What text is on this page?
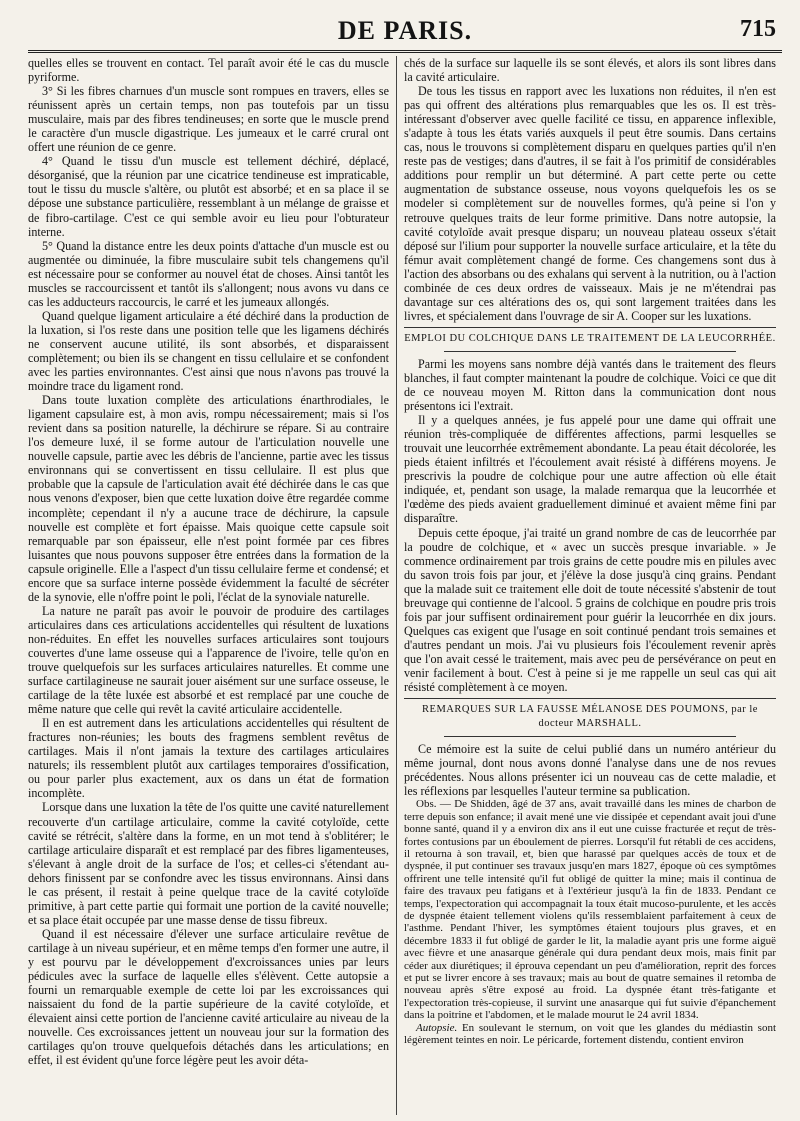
DE PARIS.	715

quelles elles se trouvent en contact. Tel paraît avoir été le cas du muscle pyriforme.

3° Si les fibres charnues d'un muscle sont rompues en travers, elles se réunissent après un certain temps, non pas toutefois par un tissu musculaire, mais par des fibres tendineuses; en sorte que le muscle prend le caractère d'un muscle digastrique. Les jumeaux et le carré crural ont offert une réunion de ce genre.

4° Quand le tissu d'un muscle est tellement déchiré, déplacé, désorganisé, que la réunion par une cicatrice tendineuse est impraticable, tout le tissu du muscle s'altère, ou plutôt est absorbé; et en sa place il se dépose une substance particulière, ressemblant à un mélange de graisse et de fibro-cartilage. C'est ce qui semble avoir eu lieu pour l'obturateur interne.

5° Quand la distance entre les deux points d'attache d'un muscle est ou augmentée ou diminuée, la fibre musculaire subit tels changemens qu'il est nécessaire pour se conformer au nouvel état de choses. Ainsi tantôt les muscles se raccourcissent et tantôt ils s'allongent; nous avons vu dans ce cas les adducteurs raccourcis, le carré et les jumeaux allongés.

Quand quelque ligament articulaire a été déchiré dans la production de la luxation, si l'os reste dans une position telle que les ligamens déchirés ne conservent aucune utilité, ils sont absorbés, et disparaissent complètement; ou bien ils se changent en tissu cellulaire et se confondent avec les parties environnantes. C'est ainsi que nous n'avons pas trouvé la moindre trace du ligament rond.

Dans toute luxation complète des articulations énarthrodiales, le ligament capsulaire est, à mon avis, rompu nécessairement; mais si l'os revient dans sa position naturelle, la déchirure se répare. Si au contraire l'os demeure luxé, il se forme autour de l'articulation nouvelle une nouvelle capsule, partie avec les débris de l'ancienne, partie avec les tissus environnans qui se convertissent en tissu cellulaire. Il est plus que probable que la capsule de l'articulation avait été déchirée dans le cas que nous venons d'exposer, bien que cette luxation doive être regardée comme incomplète; cependant il n'y a aucune trace de déchirure, la capsule nouvelle est complète et fort épaisse. Mais quoique cette capsule soit remarquable par son épaisseur, elle n'est point formée par ces fibres luisantes que nous pouvons supposer être entrées dans la formation de la capsule originelle. Elle a l'aspect d'un tissu cellulaire ferme et condensé; et encore que sa surface interne possède évidemment la faculté de sécréter de la synovie, elle n'offre point le poli, l'éclat de la synoviale naturelle.

La nature ne paraît pas avoir le pouvoir de produire des cartilages articulaires dans ces articulations accidentelles qui résultent de luxations non-réduites. En effet les nouvelles surfaces articulaires sont toujours couvertes d'une lame osseuse qui a l'apparence de l'ivoire, telle qu'on en trouve quelquefois sur les surfaces articulaires naturelles. Et comme une surface cartilagineuse ne saurait jouer aisément sur une surface osseuse, le cartilage de la tête luxée est absorbé et est remplacé par une couche de même nature que celle qui revêt la cavité articulaire accidentelle.

Il en est autrement dans les articulations accidentelles qui résultent de fractures non-réunies; les bouts des fragmens semblent revêtus de cartilages. Mais il n'ont jamais la texture des cartilages articulaires naturels; ils ressemblent plutôt aux cartilages temporaires d'ossification, ou pour parler plus exactement, aux os dans un état de formation incomplète.

Lorsque dans une luxation la tête de l'os quitte une cavité naturellement recouverte d'un cartilage articulaire, comme la cavité cotyloïde, cette cavité se rétrécit, s'altère dans la forme, en un mot tend à s'oblitérer; le cartilage articulaire disparaît et est remplacé par des fibres ligamenteuses, s'élevant à angle droit de la surface de l'os; et celles-ci s'étendant au-dehors finissent par se confondre avec les tissus environnans. Ainsi dans le cas présent, il restait à peine quelque trace de la cavité cotyloïde primitive, à part cette partie qui formait une portion de la cavité nouvelle; et sa place était occupée par une masse dense de tissu fibreux.

Quand il est nécessaire d'élever une surface articulaire revêtue de cartilage à un niveau supérieur, et en même temps d'en former une autre, il y est pourvu par le développement d'excroissances unies par leurs pédicules avec la surface de laquelle elles s'élèvent. Cette autopsie a fourni un remarquable exemple de cette loi par les excroissances qui naissaient du fond de la partie supérieure de la cavité cotyloïde, et élevaient ainsi cette portion de l'ancienne cavité articulaire au niveau de la nouvelle. Ces excroissances jettent un nouveau jour sur la formation des cartilages qu'on trouve quelquefois détachés dans les articulations; en effet, il est évident qu'une force légère peut les avoir déta-

chés de la surface sur laquelle ils se sont élevés, et alors ils sont libres dans la cavité articulaire.

De tous les tissus en rapport avec les luxations non réduites, il n'en est pas qui offrent des altérations plus remarquables que les os. Il est très-intéressant d'observer avec quelle facilité ce tissu, en apparence inflexible, s'adapte à tous les états variés auxquels il peut être soumis. Dans certains cas, nous le trouvons si complètement disparu en quelques parties qu'il n'en reste pas de vestiges; dans d'autres, il se fait à l'os primitif de considérables additions pour remplir un but déterminé. A part cette perte ou cette augmentation de substance osseuse, nous voyons quelquefois les os se modeler si complètement sur de nouvelles formes, qu'à peine si l'on y retrouve quelques traits de leur forme primitive. Dans notre autopsie, la cavité cotyloïde avait presque disparu; un nouveau plateau osseux s'était déposé sur l'ilium pour supporter la nouvelle surface articulaire, et la tête du fémur avait complètement changé de forme. Ces changemens sont dus à l'action des absorbans ou des exhalans qui servent à la nutrition, ou à l'action combinée de ces deux ordres de vaisseaux. Mais je ne m'étendrai pas davantage sur ces altérations des os, qui sont largement traitées dans les livres, et spécialement dans l'ouvrage de sir A. Cooper sur les luxations.

EMPLOI DU COLCHIQUE DANS LE TRAITEMENT DE LA LEUCORRHÉE.

Parmi les moyens sans nombre déjà vantés dans le traitement des fleurs blanches, il faut compter maintenant la poudre de colchique. Voici ce que dit de ce nouveau moyen M. Ritton dans la communication dont nous présentons ici l'extrait.

Il y a quelques années, je fus appelé pour une dame qui offrait une réunion très-compliquée de différentes affections, parmi lesquelles se trouvait une leucorrhée extrêmement abondante. La peau était décolorée, les pieds étaient infiltrés et l'écoulement avait résisté à différens moyens. Je prescrivis la poudre de colchique pour une autre affection où elle était indiquée, et, pendant son usage, la malade remarqua que la leucorrhée et l'œdème des pieds avaient graduellement diminué et avaient même fini par disparaître.

Depuis cette époque, j'ai traité un grand nombre de cas de leucorrhée par la poudre de colchique, et « avec un succès presque invariable. » Je commence ordinairement par trois grains de cette poudre mis en pilules avec du savon trois fois par jour, et j'élève la dose jusqu'à cinq grains. Pendant que la malade suit ce traitement elle doit de toute nécessité s'abstenir de tout breuvage qui contienne de l'alcool. 5 grains de colchique en poudre pris trois fois par jour suffisent ordinairement pour guérir la leucorrhée en dix jours. Quelques cas exigent que l'usage en soit continué pendant trois semaines et d'autres pendant un mois. J'ai vu plusieurs fois l'écoulement revenir après que l'on avait cessé le traitement, mais avec peu de persévérance on peut en venir facilement à bout. C'est à peine si je me rappelle un seul cas qui ait résisté complètement à ce moyen.

REMARQUES SUR LA FAUSSE MÉLANOSE DES POUMONS, par le docteur MARSHALL.

Ce mémoire est la suite de celui publié dans un numéro antérieur du même journal, dont nous avons donné l'analyse dans une de nos revues précédentes. Nous allons présenter ici un nouveau cas de cette maladie, et les réflexions par lesquelles l'auteur termine sa publication.

Obs. — De Shidden, âgé de 37 ans, avait travaillé dans les mines de charbon de terre depuis son enfance; il avait mené une vie dissipée et cependant avait joui d'une bonne santé, quand il y a environ dix ans il eut une cuisse fracturée et reçut de très-fortes contusions par un éboulement de pierres. Lorsqu'il fut rétabli de ces accidens, il retourna à son travail, et, bien que harassé par quelques accès de toux et de dyspnée, il put continuer ses travaux jusqu'en mars 1827, époque où ces symptômes offrirent une telle intensité qu'il fut obligé de quitter la mine; mais il continua de faire des travaux peu fatigans et à l'extérieur jusqu'à la fin de 1833. Pendant ce temps, l'expectoration qui accompagnait la toux était mucoso-purulente, et les accès de dyspnée étaient tellement violens qu'ils ressemblaient parfaitement à ceux de l'asthme. Pendant l'hiver, les symptômes étaient toujours plus graves, et en décembre 1833 il fut obligé de garder le lit, la maladie ayant pris une forme aiguë avec fièvre et une anasarque générale qui dura pendant deux mois, mais finit par céder aux diurétiques; il éprouva cependant un peu d'amélioration, reprit des forces et put se livrer encore à ses travaux; mais au bout de quatre semaines il retomba de nouveau après s'être exposé au froid. La dyspnée étant très-fatigante et l'expectoration très-copieuse, il survint une anasarque qui fut suivie d'épanchement dans la poitrine et l'abdomen, et le malade mourut le 24 avril 1834.

Autopsie. En soulevant le sternum, on voit que les glandes du médiastin sont légèrement teintes en noir. Le péricarde, fortement distendu, contient environ
